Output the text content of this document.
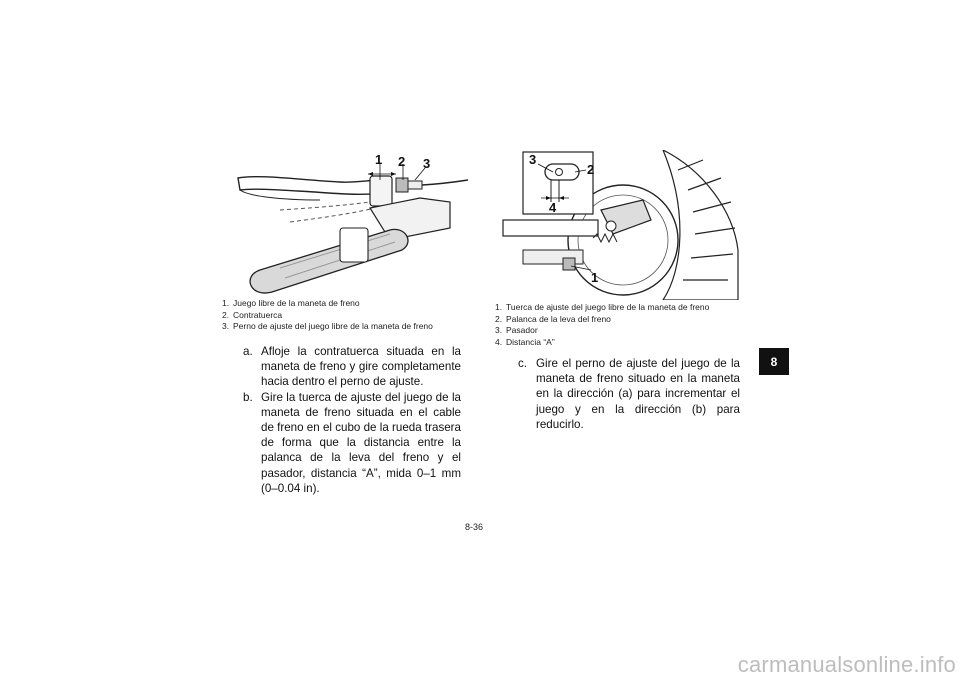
1 2 3
1. Juego libre de la maneta de freno
2. Contratuerca
3. Perno de ajuste del juego libre de la maneta de freno
a. Afloje la contratuerca situada en la maneta de freno y gire completamente hacia dentro el perno de ajuste.
b. Gire la tuerca de ajuste del juego de la maneta de freno situada en el cable de freno en el cubo de la rueda trasera de forma que la distancia entre la palanca de la leva del freno y el pasador, distancia “A”, mida 0–1 mm (0–0.04 in).
3
2
4
1
1. Tuerca de ajuste del juego libre de la maneta de freno
2. Palanca de la leva del freno
3. Pasador
4. Distancia “A”
c. Gire el perno de ajuste del juego de la maneta de freno situado en la maneta en la dirección (a) para incrementar el juego y en la dirección (b) para reducirlo.
8-36
8
carmanualsonline.info
